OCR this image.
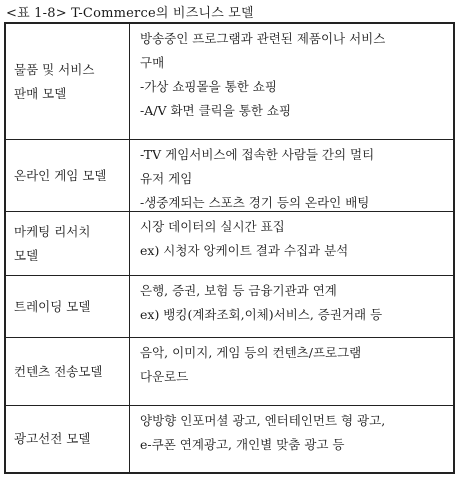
<표 1-8> T-Commerce의 비즈니스 모델
물품 및 서비스
판매 모델
방송중인 프로그램과 관련된 제품이나 서비스
구매
-가상 쇼핑몰을 통한 쇼핑
-A/V 화면 클릭을 통한 쇼핑
온라인 게임 모델
-TV 게임서비스에 접속한 사람들 간의 멀티
유저 게임
-생중계되는 스포츠 경기 등의 온라인 배팅
마케팅 리서치
모델
시장 데이터의 실시간 표집
ex) 시청자 앙케이트 결과 수집과 분석
트레이딩 모델
은행, 증권, 보험 등 금융기관과 연계
ex) 뱅킹(계좌조회,이체)서비스, 증권거래 등
컨텐츠 전송모델
음악, 이미지, 게임 등의 컨텐츠/프로그램
다운로드
광고선전 모델
양방향 인포머셜 광고, 엔터테인먼트 형 광고,
e-쿠폰 연계광고, 개인별 맞춤 광고 등
